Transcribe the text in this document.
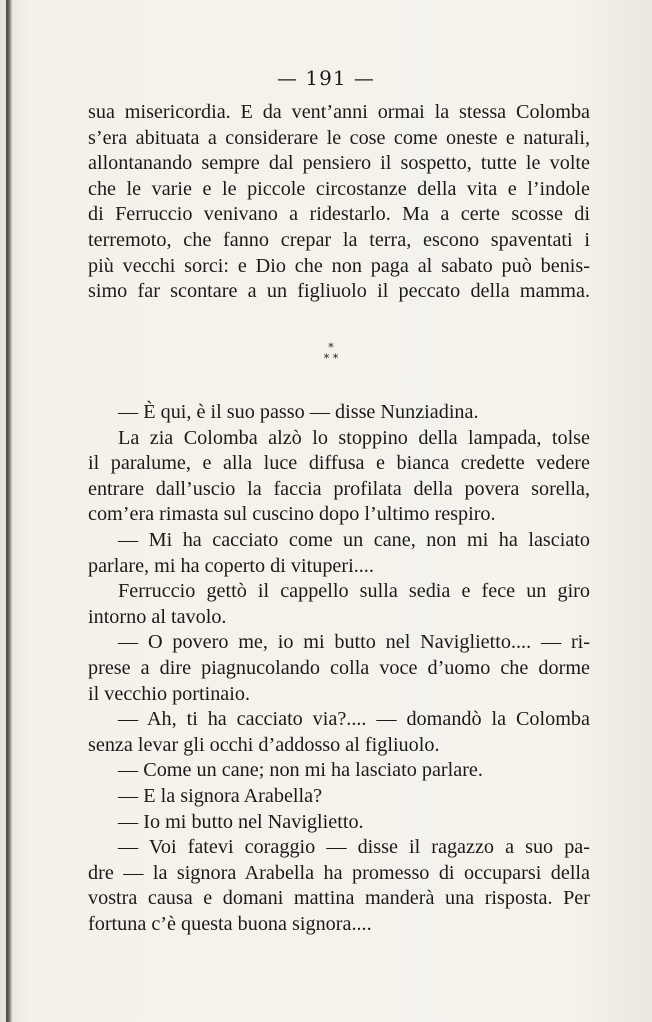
— 191 —
sua misericordia. E da vent’anni ormai la stessa Colomba
s’era abituata a considerare le cose come oneste e naturali,
allontanando sempre dal pensiero il sospetto, tutte le volte
che le varie e le piccole circostanze della vita e l’indole
di Ferruccio venivano a ridestarlo. Ma a certe scosse di
terremoto, che fanno crepar la terra, escono spaventati i
più vecchi sorci: e Dio che non paga al sabato può benis-
simo far scontare a un figliuolo il peccato della mamma.
*
* *
— È qui, è il suo passo — disse Nunziadina.
La zia Colomba alzò lo stoppino della lampada, tolse
il paralume, e alla luce diffusa e bianca credette vedere
entrare dall’uscio la faccia profilata della povera sorella,
com’era rimasta sul cuscino dopo l’ultimo respiro.
— Mi ha cacciato come un cane, non mi ha lasciato
parlare, mi ha coperto di vituperi....
Ferruccio gettò il cappello sulla sedia e fece un giro
intorno al tavolo.
— O povero me, io mi butto nel Naviglietto.... — ri-
prese a dire piagnucolando colla voce d’uomo che dorme
il vecchio portinaio.
— Ah, ti ha cacciato via?.... — domandò la Colomba
senza levar gli occhi d’addosso al figliuolo.
— Come un cane; non mi ha lasciato parlare.
— E la signora Arabella?
— Io mi butto nel Naviglietto.
— Voi fatevi coraggio — disse il ragazzo a suo pa-
dre — la signora Arabella ha promesso di occuparsi della
vostra causa e domani mattina manderà una risposta. Per
fortuna c’è questa buona signora....
